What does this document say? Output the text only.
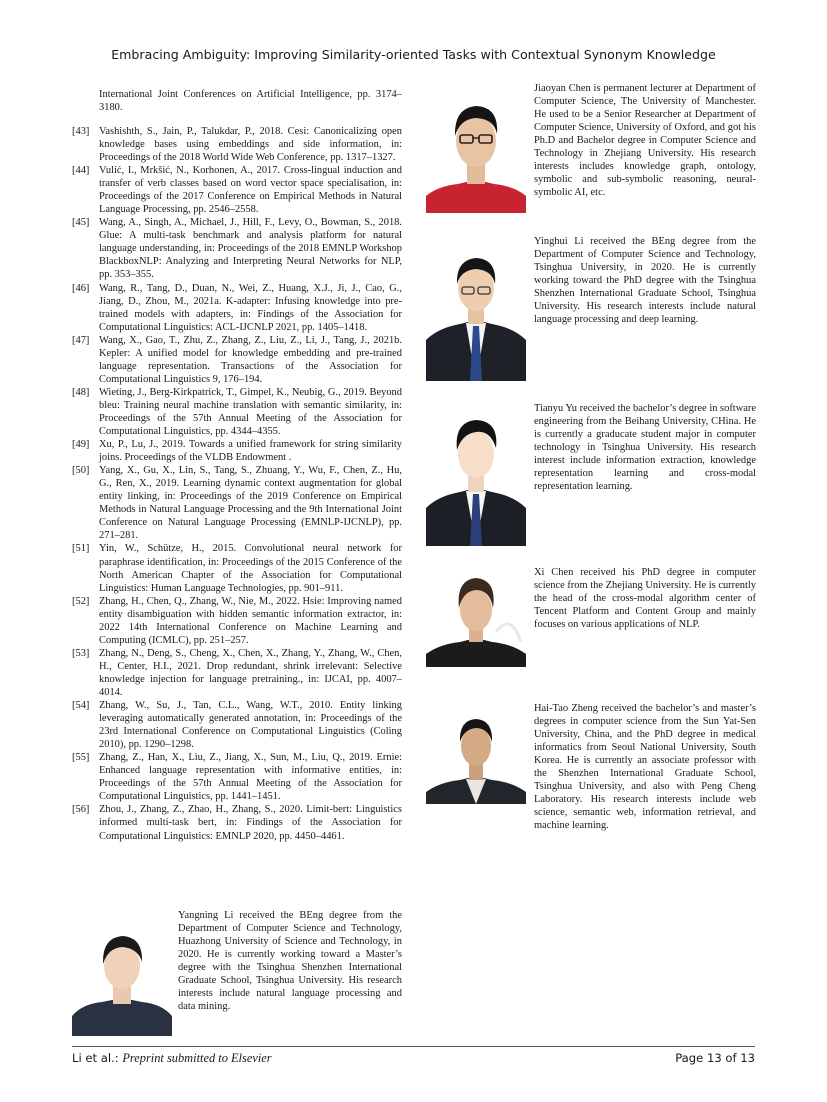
Embracing Ambiguity: Improving Similarity-oriented Tasks with Contextual Synonym Knowledge

International Joint Conferences on Artificial Intelligence, pp. 3174–3180.

[43] Vashishth, S., Jain, P., Talukdar, P., 2018. Cesi: Canonicalizing open knowledge bases using embeddings and side information, in: Proceedings of the 2018 World Wide Web Conference, pp. 1317–1327.

[44] Vulić, I., Mrkšić, N., Korhonen, A., 2017. Cross-lingual induction and transfer of verb classes based on word vector space specialisation, in: Proceedings of the 2017 Conference on Empirical Methods in Natural Language Processing, pp. 2546–2558.

[45] Wang, A., Singh, A., Michael, J., Hill, F., Levy, O., Bowman, S., 2018. Glue: A multi-task benchmark and analysis platform for natural language understanding, in: Proceedings of the 2018 EMNLP Workshop BlackboxNLP: Analyzing and Interpreting Neural Networks for NLP, pp. 353–355.

[46] Wang, R., Tang, D., Duan, N., Wei, Z., Huang, X.J., Ji, J., Cao, G., Jiang, D., Zhou, M., 2021a. K-adapter: Infusing knowledge into pre-trained models with adapters, in: Findings of the Association for Computational Linguistics: ACL-IJCNLP 2021, pp. 1405–1418.

[47] Wang, X., Gao, T., Zhu, Z., Zhang, Z., Liu, Z., Li, J., Tang, J., 2021b. Kepler: A unified model for knowledge embedding and pre-trained language representation. Transactions of the Association for Computational Linguistics 9, 176–194.

[48] Wieting, J., Berg-Kirkpatrick, T., Gimpel, K., Neubig, G., 2019. Beyond bleu: Training neural machine translation with semantic similarity, in: Proceedings of the 57th Annual Meeting of the Association for Computational Linguistics, pp. 4344–4355.

[49] Xu, P., Lu, J., 2019. Towards a unified framework for string similarity joins. Proceedings of the VLDB Endowment .

[50] Yang, X., Gu, X., Lin, S., Tang, S., Zhuang, Y., Wu, F., Chen, Z., Hu, G., Ren, X., 2019. Learning dynamic context augmentation for global entity linking, in: Proceedings of the 2019 Conference on Empirical Methods in Natural Language Processing and the 9th International Joint Conference on Natural Language Processing (EMNLP-IJCNLP), pp. 271–281.

[51] Yin, W., Schütze, H., 2015. Convolutional neural network for paraphrase identification, in: Proceedings of the 2015 Conference of the North American Chapter of the Association for Computational Linguistics: Human Language Technologies, pp. 901–911.

[52] Zhang, H., Chen, Q., Zhang, W., Nie, M., 2022. Hsie: Improving named entity disambiguation with hidden semantic information extractor, in: 2022 14th International Conference on Machine Learning and Computing (ICMLC), pp. 251–257.

[53] Zhang, N., Deng, S., Cheng, X., Chen, X., Zhang, Y., Zhang, W., Chen, H., Center, H.I., 2021. Drop redundant, shrink irrelevant: Selective knowledge injection for language pretraining., in: IJCAI, pp. 4007–4014.

[54] Zhang, W., Su, J., Tan, C.L., Wang, W.T., 2010. Entity linking leveraging automatically generated annotation, in: Proceedings of the 23rd International Conference on Computational Linguistics (Coling 2010), pp. 1290–1298.

[55] Zhang, Z., Han, X., Liu, Z., Jiang, X., Sun, M., Liu, Q., 2019. Ernie: Enhanced language representation with informative entities, in: Proceedings of the 57th Annual Meeting of the Association for Computational Linguistics, pp. 1441–1451.

[56] Zhou, J., Zhang, Z., Zhao, H., Zhang, S., 2020. Limit-bert: Linguistics informed multi-task bert, in: Findings of the Association for Computational Linguistics: EMNLP 2020, pp. 4450–4461.

Yangning Li received the BEng degree from the Department of Computer Science and Technology, Huazhong University of Science and Technology, in 2020. He is currently working toward a Master’s degree with the Tsinghua Shenzhen International Graduate School, Tsinghua University. His research interests include natural language processing and data mining.
Jiaoyan Chen is permanent lecturer at Department of Computer Science, The University of Manchester. He used to be a Senior Researcher at Department of Computer Science, University of Oxford, and got his Ph.D and Bachelor degree in Computer Science and Technology in Zhejiang University. His research interests includes knowledge graph, ontology, symbolic and sub-symbolic reasoning, neural-symbolic AI, etc.
Yinghui Li received the BEng degree from the Department of Computer Science and Technology, Tsinghua University, in 2020. He is currently working toward the PhD degree with the Tsinghua Shenzhen International Graduate School, Tsinghua University. His research interests include natural language processing and deep learning.
Tianyu Yu received the bachelor’s degree in software engineering from the Beihang University, CHina. He is currently a graducate student major in computer technology in Tsinghua University. His research interest include information extraction, knowledge representation learning and cross-modal representation learning.
Xi Chen received his PhD degree in computer science from the Zhejiang University. He is currently the head of the cross-modal algorithm center of Tencent Platform and Content Group and mainly focuses on various applications of NLP.
Hai-Tao Zheng received the bachelor’s and master’s degrees in computer science from the Sun Yat-Sen University, China, and the PhD degree in medical informatics from Seoul National University, South Korea. He is currently an associate professor with the Shenzhen International Graduate School, Tsinghua University, and also with Peng Cheng Laboratory. His research interests include web science, semantic web, information retrieval, and machine learning.
Li et al.: Preprint submitted to Elsevier	Page 13 of 13
